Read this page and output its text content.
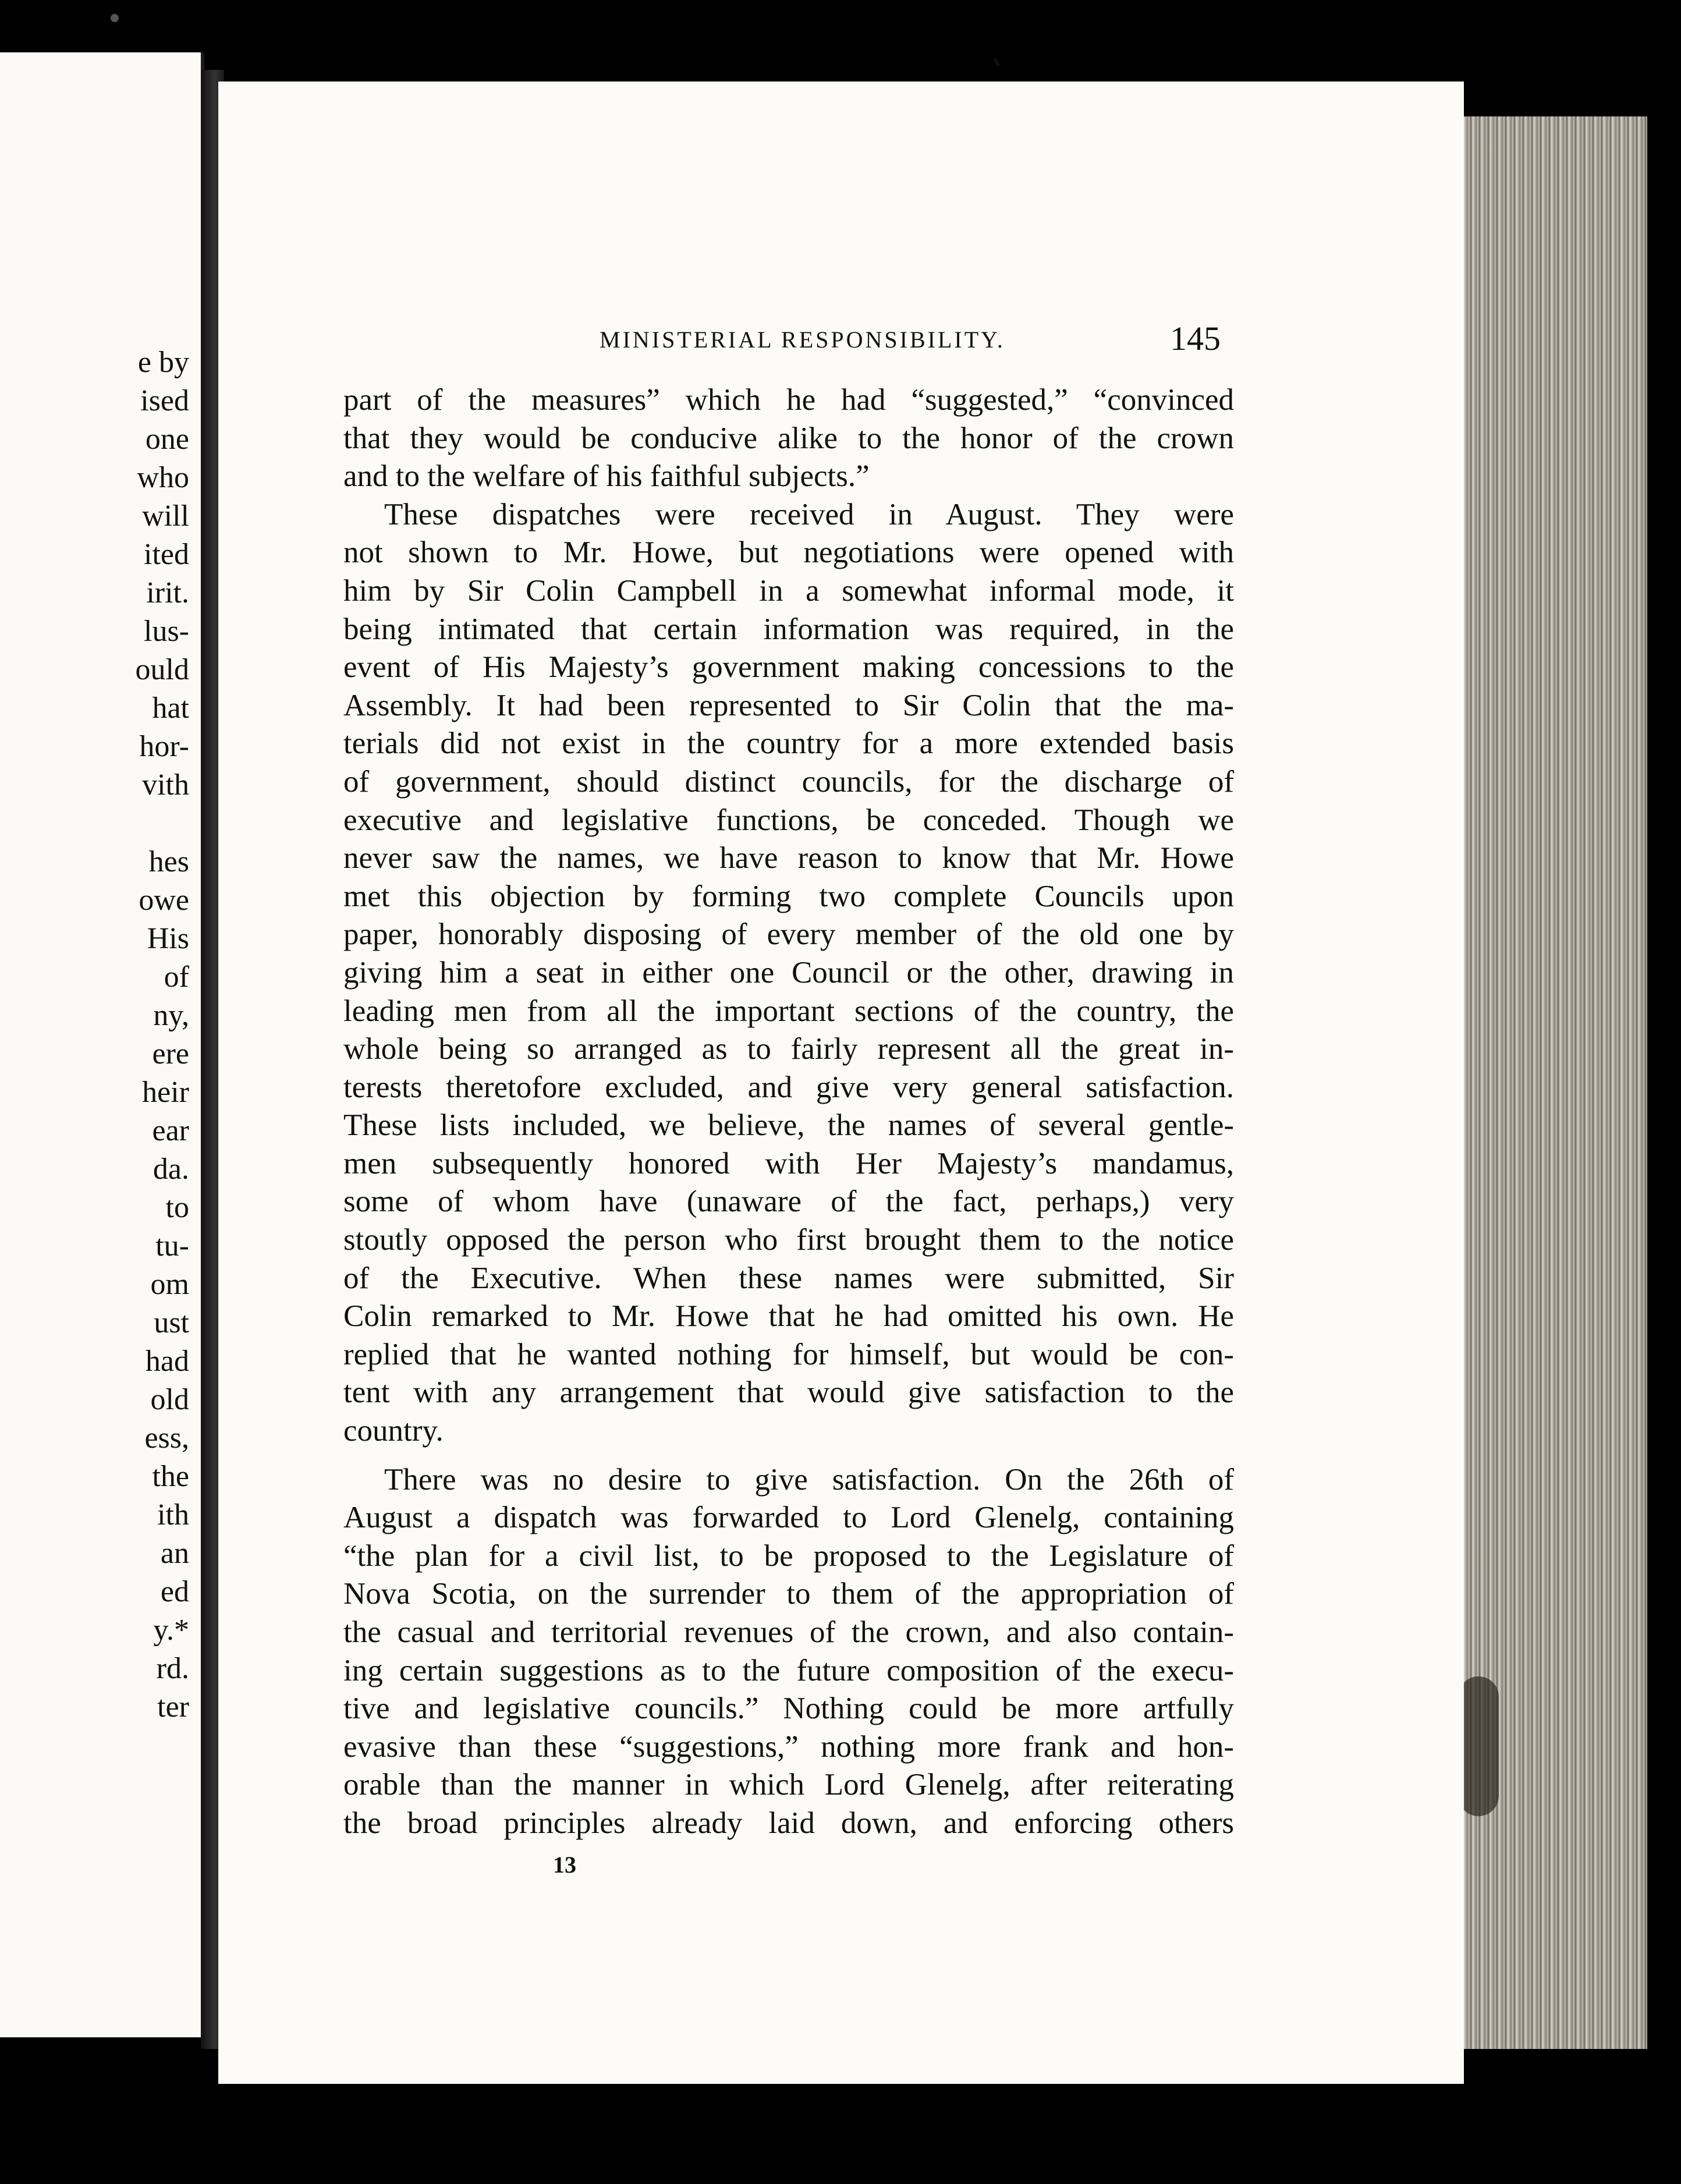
e by
ised
one
who
will
ited
irit.
lus-
ould
hat
hor-
vith
hes
owe
His
of
ny,
ere
heir
ear
da.
to
tu-
om
ust
had
old
ess,
the
ith
an
ed
y.*
rd.
ter
MINISTERIAL RESPONSIBILITY.	145
part of the measures” which he had “suggested,” “convinced
that they would be conducive alike to the honor of the crown
and to the welfare of his faithful subjects.”
These dispatches were received in August. They were
not shown to Mr. Howe, but negotiations were opened with
him by Sir Colin Campbell in a somewhat informal mode, it
being intimated that certain information was required, in the
event of His Majesty’s government making concessions to the
Assembly. It had been represented to Sir Colin that the ma-
terials did not exist in the country for a more extended basis
of government, should distinct councils, for the discharge of
executive and legislative functions, be conceded. Though we
never saw the names, we have reason to know that Mr. Howe
met this objection by forming two complete Councils upon
paper, honorably disposing of every member of the old one by
giving him a seat in either one Council or the other, drawing in
leading men from all the important sections of the country, the
whole being so arranged as to fairly represent all the great in-
terests theretofore excluded, and give very general satisfaction.
These lists included, we believe, the names of several gentle-
men subsequently honored with Her Majesty’s mandamus,
some of whom have (unaware of the fact, perhaps,) very
stoutly opposed the person who first brought them to the notice
of the Executive. When these names were submitted, Sir
Colin remarked to Mr. Howe that he had omitted his own. He
replied that he wanted nothing for himself, but would be con-
tent with any arrangement that would give satisfaction to the
country.
There was no desire to give satisfaction. On the 26th of
August a dispatch was forwarded to Lord Glenelg, containing
“the plan for a civil list, to be proposed to the Legislature of
Nova Scotia, on the surrender to them of the appropriation of
the casual and territorial revenues of the crown, and also contain-
ing certain suggestions as to the future composition of the execu-
tive and legislative councils.” Nothing could be more artfully
evasive than these “suggestions,” nothing more frank and hon-
orable than the manner in which Lord Glenelg, after reiterating
the broad principles already laid down, and enforcing others
13
